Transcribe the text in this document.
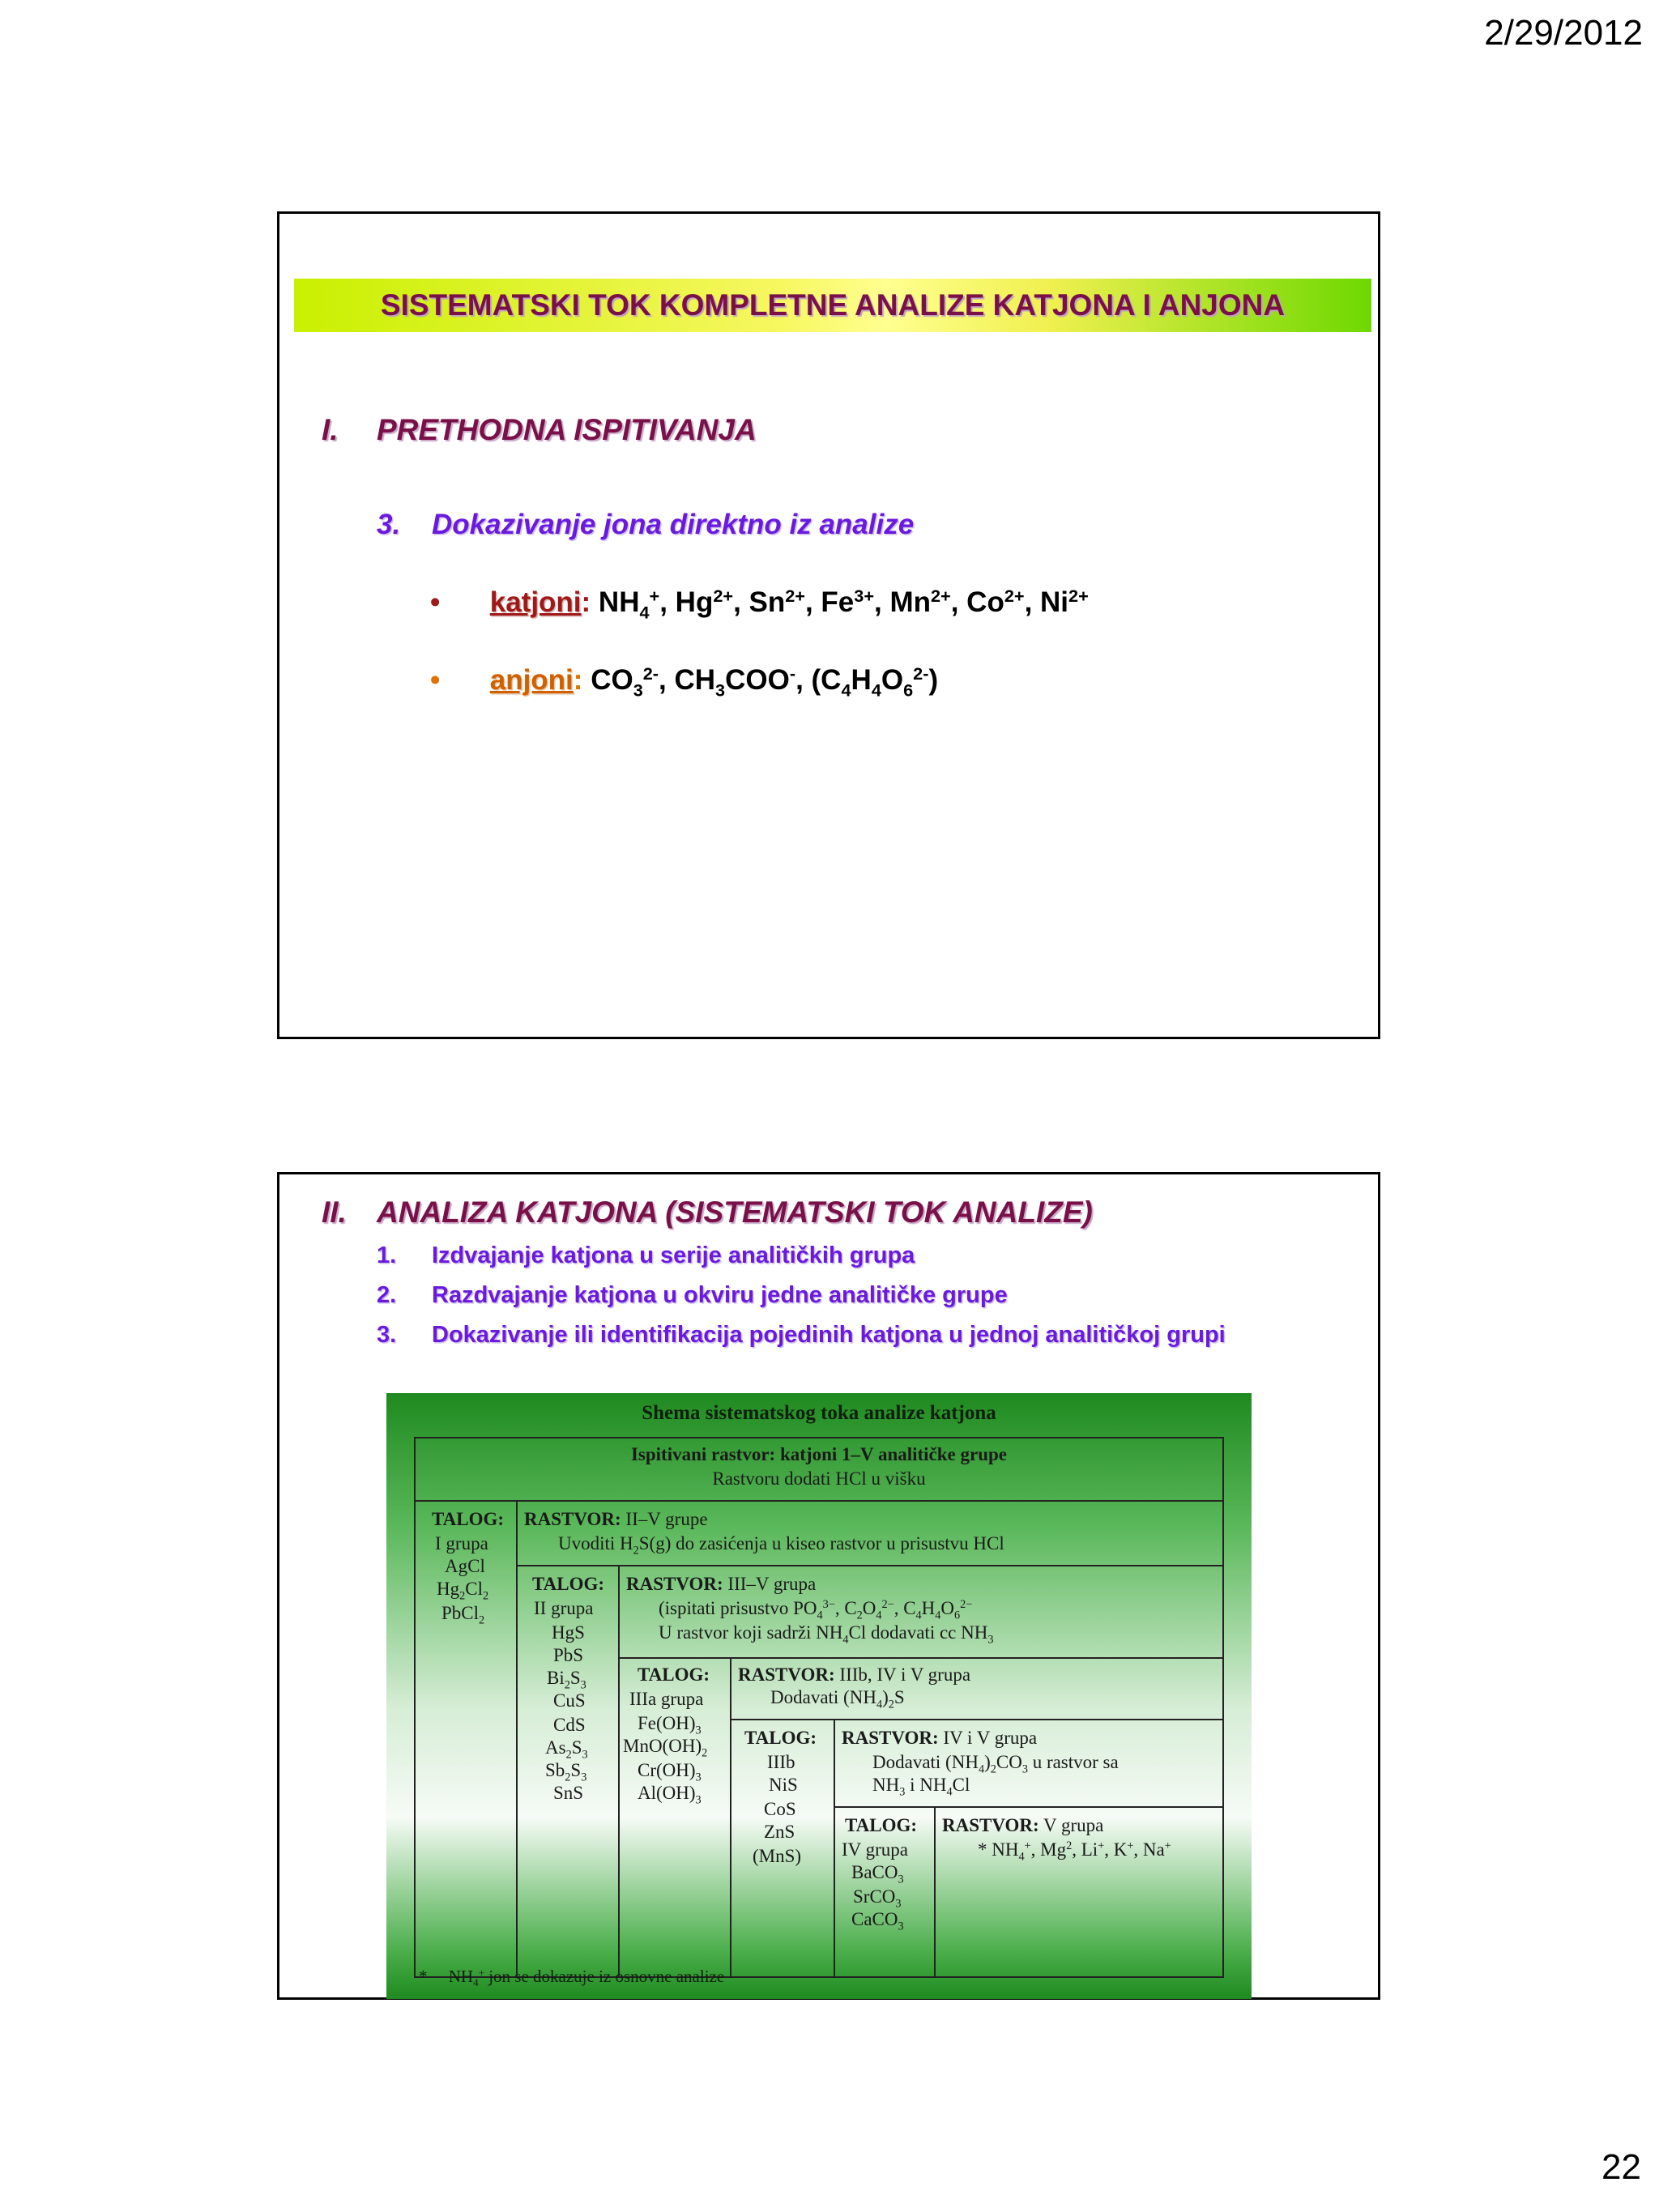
2/29/2012
SISTEMATSKI TOK KOMPLETNE ANALIZE KATJONA I ANJONA
I. PRETHODNA ISPITIVANJA
3. Dokazivanje jona direktno iz analize
• katjoni: $NH_4^+$, $Hg^{2+}$, $Sn^{2+}$, $Fe^{3+}$, $Mn^{2+}$, $Co^{2+}$, $Ni^{2+}$
• anjoni: $CO_3^{2-}$, $CH_3COO^-$, $(C_4H_4O_6^{2-})$
II. ANALIZA KATJONA (SISTEMATSKI TOK ANALIZE)
1. Izdvajanje katjona u serije analitičkih grupa
2. Razdvajanje katjona u okviru jedne analitičke grupe
3. Dokazivanje ili identifikacija pojedinih katjona u jednoj analitičkoj grupi
Shema sistematskog toka analize katjona
Ispitivani rastvor: katjoni 1–V analitičke grupe
Rastvoru dodati HCl u višku
TALOG:
I grupa
AgCl
$Hg_2Cl_2$
PbCl$_2$
RASTVOR: II–V grupe
Uvoditi $H_2S(g)$ do zasićenja u kiseo rastvor u prisustvu HCl
TALOG:
II grupa
HgS
PbS
$Bi_2S_3$
CuS
CdS
$As_2S_3$
$Sb_2S_3$
SnS
RASTVOR: III–V grupa
(ispitati prisustvo $PO_4^{3-}$, $C_2O_4^{2-}$, $C_4H_4O_6^{2-}$
U rastvor koji sadrži $NH_4Cl$ dodavati cc $NH_3$
TALOG:
IIIa grupa
$Fe(OH)_3$
$MnO(OH)_2$
$Cr(OH)_3$
$Al(OH)_3$
RASTVOR: IIIb, IV i V grupa
Dodavati $(NH_4)_2S$
TALOG:
IIIb
NiS
CoS
ZnS
(MnS)
RASTVOR: IV i V grupa
Dodavati $(NH_4)_2CO_3$ u rastvor sa
$NH_3$ i $NH_4Cl$
TALOG:
IV grupa
BaCO$_3$
SrCO$_3$
CaCO$_3$
RASTVOR: V grupa
* $NH_4^+$, Mg$^2$, Li+, K+, Na+
*     $NH_4^+$ jon se dokazuje iz osnovne analize
22
